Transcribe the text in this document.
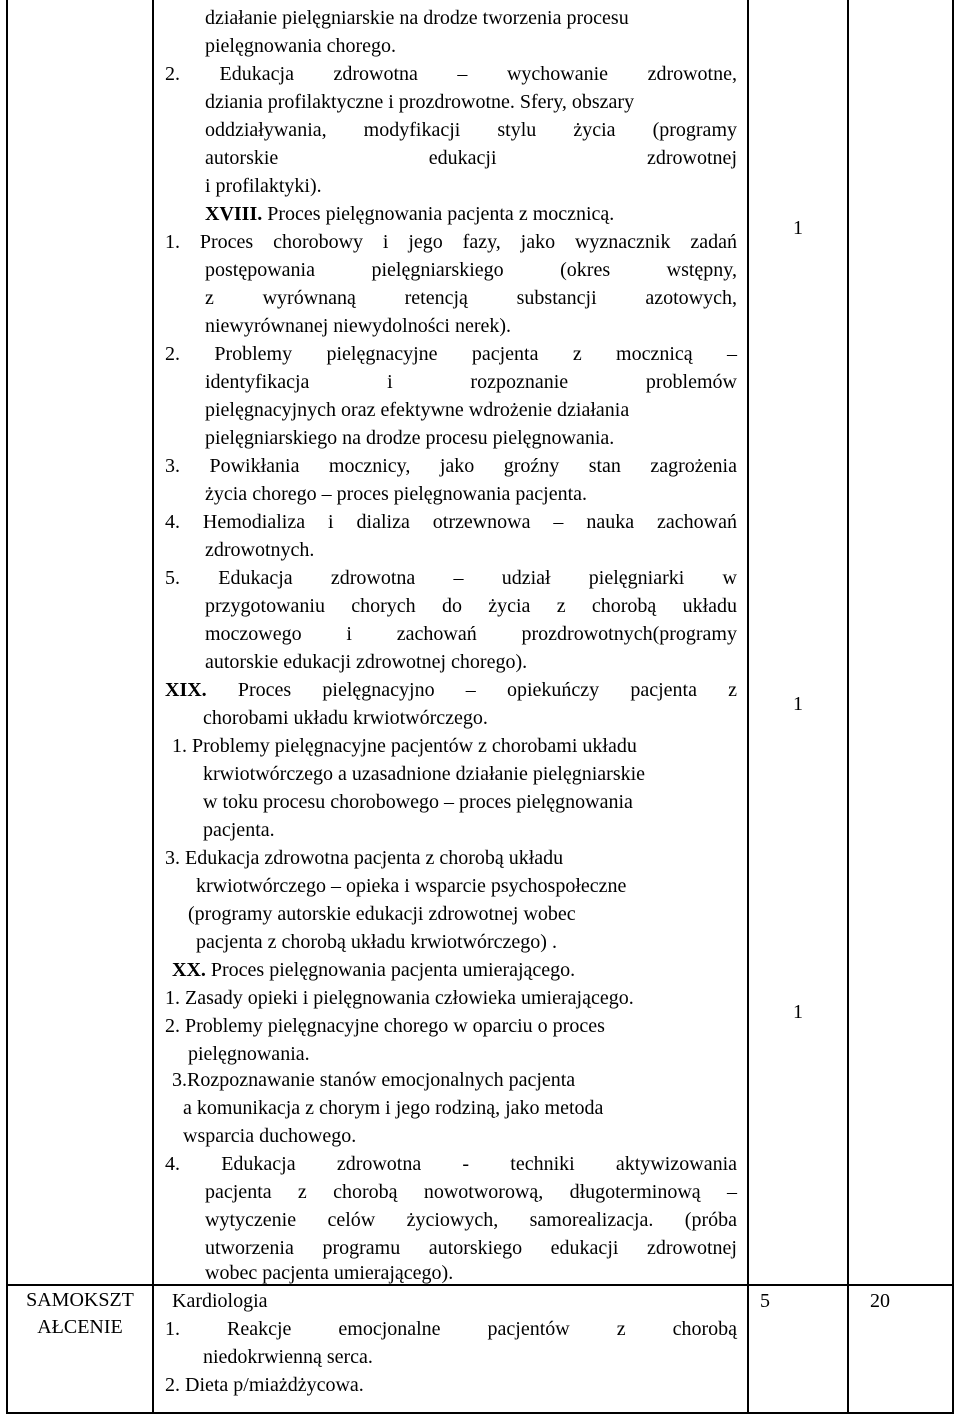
działanie pielęgniarskie na drodze tworzenia procesu
pielęgnowania chorego.
2. Edukacja zdrowotna – wychowanie zdrowotne,
dziania profilaktyczne i prozdrowotne. Sfery, obszary
oddziaływania, modyfikacji stylu życia (programy
autorskie edukacji zdrowotnej
i profilaktyki).
XVIII. Proces pielęgnowania pacjenta z mocznicą.
1. Proces chorobowy i jego fazy, jako wyznacznik zadań
postępowania pielęgniarskiego (okres wstępny,
z wyrównaną retencją substancji azotowych,
niewyrównanej niewydolności nerek).
2. Problemy pielęgnacyjne pacjenta z mocznicą –
identyfikacja i rozpoznanie problemów
pielęgnacyjnych oraz efektywne wdrożenie działania
pielęgniarskiego na drodze procesu pielęgnowania.
3. Powikłania mocznicy, jako groźny stan zagrożenia
życia chorego – proces pielęgnowania pacjenta.
4. Hemodializa i dializa otrzewnowa – nauka zachowań
zdrowotnych.
5. Edukacja zdrowotna – udział pielęgniarki w
przygotowaniu chorych do życia z chorobą układu
moczowego i zachowań prozdrowotnych(programy
autorskie edukacji zdrowotnej chorego).
XIX. Proces pielęgnacyjno – opiekuńczy pacjenta z
chorobami układu krwiotwórczego.
1. Problemy pielęgnacyjne pacjentów z chorobami układu
krwiotwórczego a uzasadnione działanie pielęgniarskie
w toku procesu chorobowego – proces pielęgnowania
pacjenta.
3. Edukacja zdrowotna pacjenta z chorobą układu
krwiotwórczego – opieka i wsparcie psychospołeczne
(programy autorskie edukacji zdrowotnej wobec
pacjenta z chorobą układu krwiotwórczego) .
XX. Proces pielęgnowania pacjenta umierającego.
1. Zasady opieki i pielęgnowania człowieka umierającego.
2. Problemy pielęgnacyjne chorego w oparciu o proces
pielęgnowania.
3.Rozpoznawanie stanów emocjonalnych pacjenta
a komunikacja z chorym i jego rodziną, jako metoda
wsparcia duchowego.
4. Edukacja zdrowotna - techniki aktywizowania
pacjenta z chorobą nowotworową, długoterminową –
wytyczenie celów życiowych, samorealizacja. (próba
utworzenia programu autorskiego edukacji zdrowotnej
wobec pacjenta umierającego).
1
1
1
SAMOKSZT
AŁCENIE
Kardiologia
1. Reakcje emocjonalne pacjentów z chorobą
niedokrwienną serca.
2. Dieta p/miażdżycowa.
5	20
